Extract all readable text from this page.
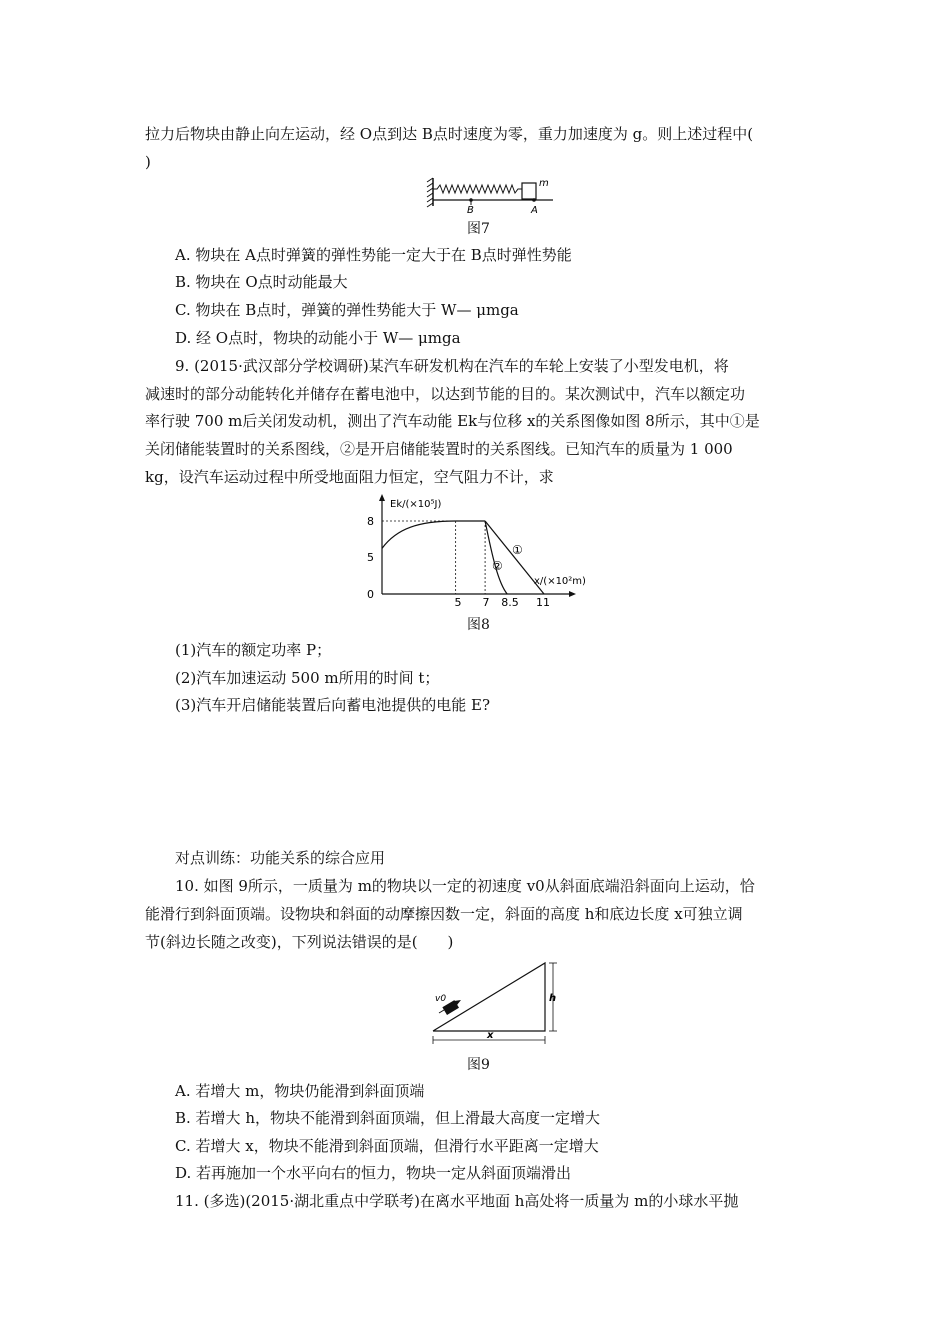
拉力后物块由静止向左运动，经 O点到达 B点时速度为零，重力加速度为 g。则上述过程中(
)
m
B	A
图7
A. 物块在 A点时弹簧的弹性势能一定大于在 B点时弹性势能
B. 物块在 O点时动能最大
C. 物块在 B点时，弹簧的弹性势能大于 W— μmga
D. 经 O点时，物块的动能小于 W— μmga
9. (2015·武汉部分学校调研)某汽车研发机构在汽车的车轮上安装了小型发电机，将
减速时的部分动能转化并储存在蓄电池中，以达到节能的目的。某次测试中，汽车以额定功
率行驶 700 m后关闭发动机，测出了汽车动能 Ek与位移 x的关系图像如图 8所示，其中①是
关闭储能装置时的关系图线，②是开启储能装置时的关系图线。已知汽车的质量为 1 000
kg，设汽车运动过程中所受地面阻力恒定，空气阻力不计，求
Ek/(×10⁵J)
x/(×10²m)
8
5
0
5 7 8.5 11
①
②
图8
(1)汽车的额定功率 P；
(2)汽车加速运动 500 m所用的时间 t；
(3)汽车开启储能装置后向蓄电池提供的电能 E?
对点训练：功能关系的综合应用
10. 如图 9所示，一质量为 m的物块以一定的初速度 v0从斜面底端沿斜面向上运动，恰
能滑行到斜面顶端。设物块和斜面的动摩擦因数一定，斜面的高度 h和底边长度 x可独立调
节(斜边长随之改变)，下列说法错误的是(　　)
v0	h
x
图9
A. 若增大 m，物块仍能滑到斜面顶端
B. 若增大 h，物块不能滑到斜面顶端，但上滑最大高度一定增大
C. 若增大 x，物块不能滑到斜面顶端，但滑行水平距离一定增大
D. 若再施加一个水平向右的恒力，物块一定从斜面顶端滑出
11. (多选)(2015·湖北重点中学联考)在离水平地面 h高处将一质量为 m的小球水平抛
